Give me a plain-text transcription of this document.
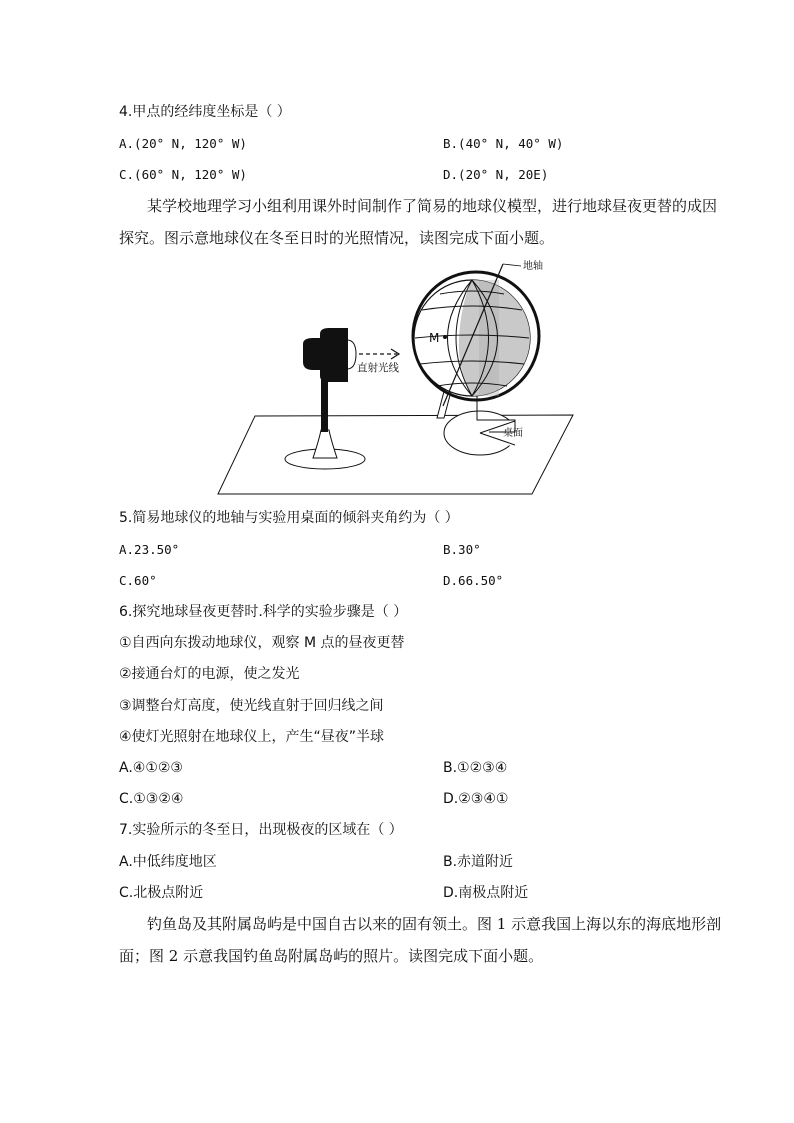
4.甲点的经纬度坐标是（ ）
A.(20° N, 120° W)	B.(40° N, 40° W)
C.(60° N, 120° W)	D.(20° N, 20E)
某学校地理学习小组利用课外时间制作了简易的地球仪模型，进行地球昼夜更替的成因
探究。图示意地球仪在冬至日时的光照情况，读图完成下面小题。
直射光线
地轴
M
桌面
5.简易地球仪的地轴与实验用桌面的倾斜夹角约为（ ）
A.23.50°	B.30°
C.60°	D.66.50°
6.探究地球昼夜更替时.科学的实验步骤是（ ）
①自西向东拨动地球仪，观察 M 点的昼夜更替
②接通台灯的电源，使之发光
③调整台灯高度，使光线直射于回归线之间
④使灯光照射在地球仪上，产生“昼夜”半球
A.④①②③	B.①②③④
C.①③②④	D.②③④①
7.实验所示的冬至日，出现极夜的区域在（ ）
A.中低纬度地区	B.赤道附近
C.北极点附近	D.南极点附近
钓鱼岛及其附属岛屿是中国自古以来的固有领土。图 1 示意我国上海以东的海底地形剖
面；图 2 示意我国钓鱼岛附属岛屿的照片。读图完成下面小题。
